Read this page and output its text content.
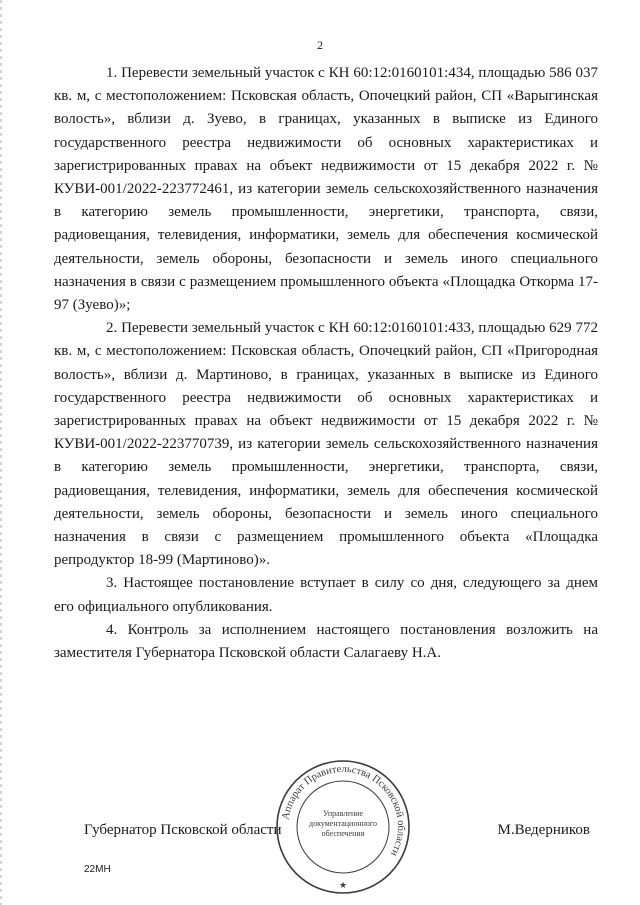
2

1. Перевести земельный участок с КН 60:12:0160101:434, площадью 586 037 кв. м, с местоположением: Псковская область, Опочецкий район, СП «Варыгинская волость», вблизи д. Зуево, в границах, указанных в выписке из Единого государственного реестра недвижимости об основных характеристиках и зарегистрированных правах на объект недвижимости от 15 декабря 2022 г. № КУВИ-001/2022-223772461, из категории земель сельскохозяйственного назначения в категорию земель промышленности, энергетики, транспорта, связи, радиовещания, телевидения, информатики, земель для обеспечения космической деятельности, земель обороны, безопасности и земель иного специального назначения в связи с размещением промышленного объекта «Площадка Откорма 17-97 (Зуево)»;

2. Перевести земельный участок с КН 60:12:0160101:433, площадью 629 772 кв. м, с местоположением: Псковская область, Опочецкий район, СП «Пригородная волость», вблизи д. Мартиново, в границах, указанных в выписке из Единого государственного реестра недвижимости об основных характеристиках и зарегистрированных правах на объект недвижимости от 15 декабря 2022 г. № КУВИ-001/2022-223770739, из категории земель сельскохозяйственного назначения в категорию земель промышленности, энергетики, транспорта, связи, радиовещания, телевидения, информатики, земель для обеспечения космической деятельности, земель обороны, безопасности и земель иного специального назначения в связи с размещением промышленного объекта «Площадка репродуктор 18-99 (Мартиново)».

3. Настоящее постановление вступает в силу со дня, следующего за днем его официального опубликования.

4. Контроль за исполнением настоящего постановления возложить на заместителя Губернатора Псковской области Салагаеву Н.А.

Губернатор Псковской области	М.Ведерников
Аппарат Правительства Псковской области
Управление
документационного
обеспечения
★
22МН
